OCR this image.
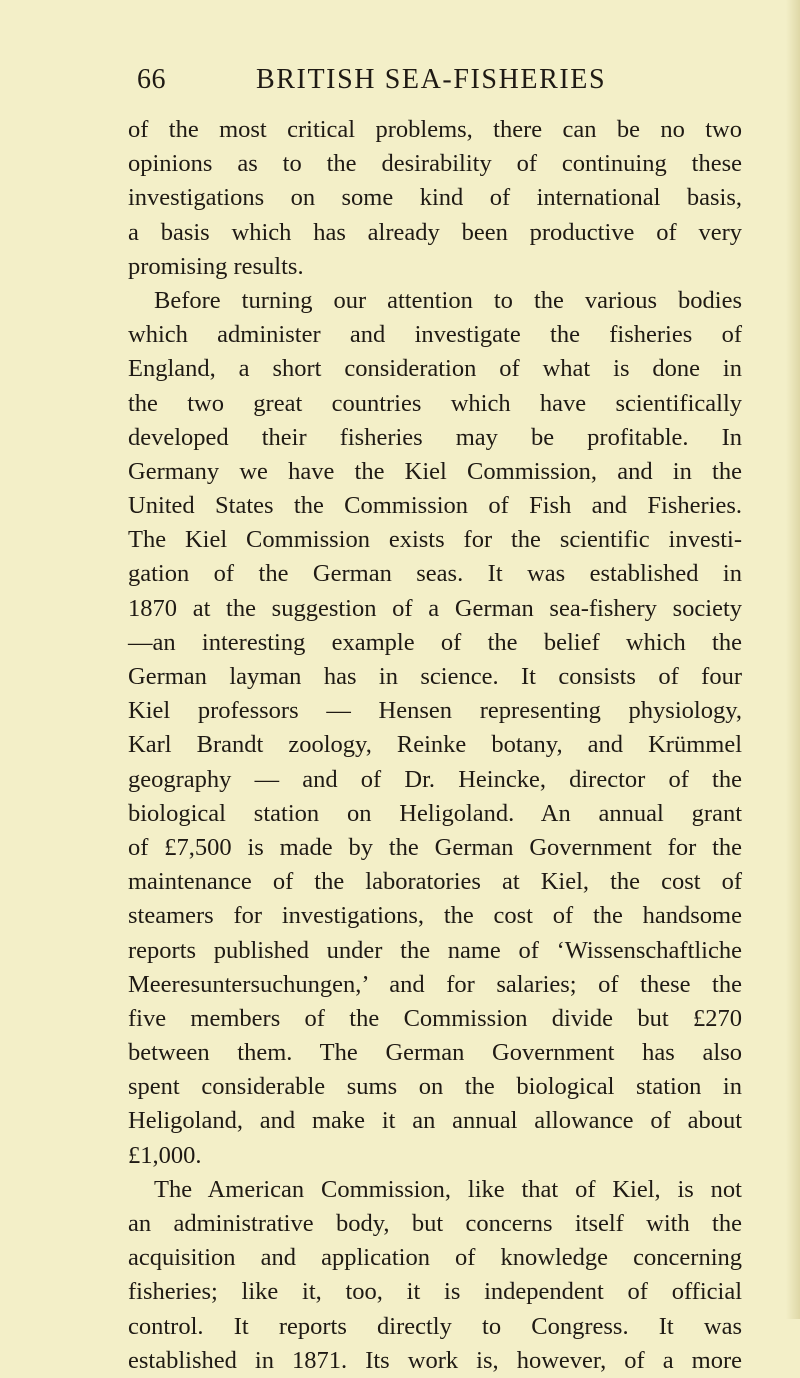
66	BRITISH SEA-FISHERIES
of the most critical problems, there can be no two
opinions as to the desirability of continuing these
investigations on some kind of international basis,
a basis which has already been productive of very
promising results.
Before turning our attention to the various bodies
which administer and investigate the fisheries of
England, a short consideration of what is done in
the two great countries which have scientifically
developed their fisheries may be profitable. In
Germany we have the Kiel Commission, and in the
United States the Commission of Fish and Fisheries.
The Kiel Commission exists for the scientific investi-
gation of the German seas. It was established in
1870 at the suggestion of a German sea-fishery society
—an interesting example of the belief which the
German layman has in science. It consists of four
Kiel professors — Hensen representing physiology,
Karl Brandt zoology, Reinke botany, and Krümmel
geography — and of Dr. Heincke, director of the
biological station on Heligoland. An annual grant
of £7,500 is made by the German Government for the
maintenance of the laboratories at Kiel, the cost of
steamers for investigations, the cost of the handsome
reports published under the name of ‘Wissenschaftliche
Meeresuntersuchungen,’ and for salaries; of these the
five members of the Commission divide but £270
between them. The German Government has also
spent considerable sums on the biological station in
Heligoland, and make it an annual allowance of about
£1,000.
The American Commission, like that of Kiel, is not
an administrative body, but concerns itself with the
acquisition and application of knowledge concerning
fisheries; like it, too, it is independent of official
control. It reports directly to Congress. It was
established in 1871. Its work is, however, of a more
